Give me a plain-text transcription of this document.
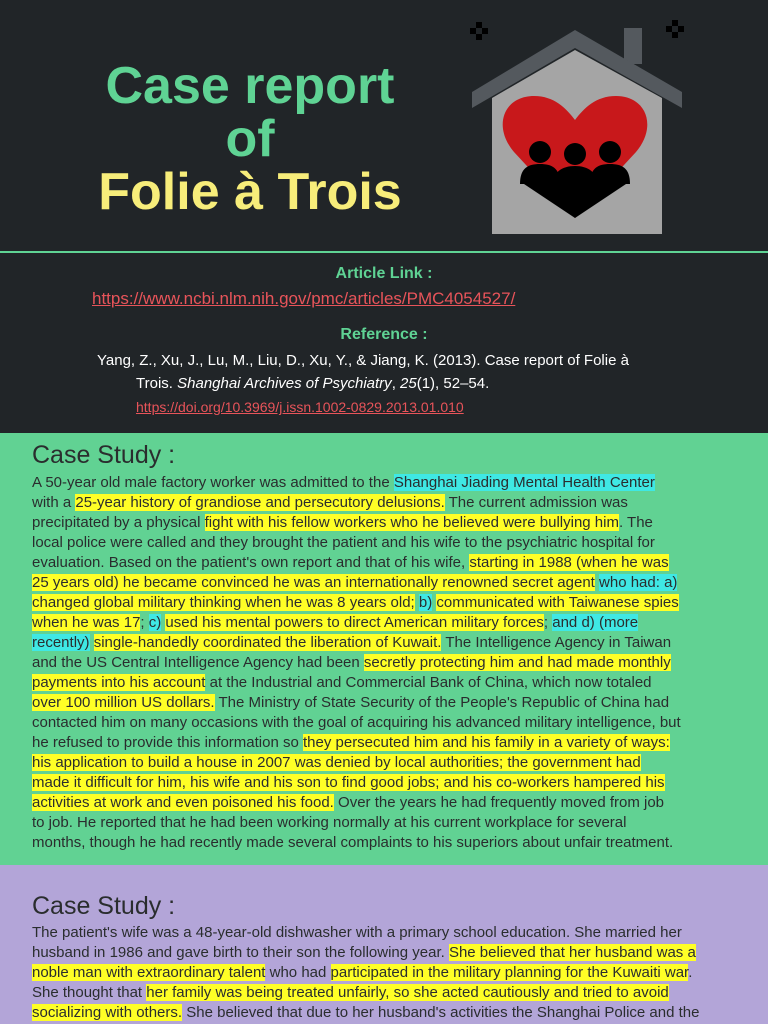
Case report
of
Folie à Trois
Article Link :
https://www.ncbi.nlm.nih.gov/pmc/articles/PMC4054527/
Reference :
Yang, Z., Xu, J., Lu, M., Liu, D., Xu, Y., & Jiang, K. (2013). Case report of Folie à
Trois. Shanghai Archives of Psychiatry, 25(1), 52–54.
https://doi.org/10.3969/j.issn.1002-0829.2013.01.010
Case Study :
A 50-year old male factory worker was admitted to the Shanghai Jiading Mental Health Center
with a 25-year history of grandiose and persecutory delusions. The current admission was
precipitated by a physical fight with his fellow workers who he believed were bullying him. The
local police were called and they brought the patient and his wife to the psychiatric hospital for
evaluation. Based on the patient's own report and that of his wife, starting in 1988 (when he was
25 years old) he became convinced he was an internationally renowned secret agent who had: a)
changed global military thinking when he was 8 years old; b) communicated with Taiwanese spies
when he was 17; c) used his mental powers to direct American military forces; and d) (more
recently) single-handedly coordinated the liberation of Kuwait. The Intelligence Agency in Taiwan
and the US Central Intelligence Agency had been secretly protecting him and had made monthly
payments into his account at the Industrial and Commercial Bank of China, which now totaled
over 100 million US dollars. The Ministry of State Security of the People's Republic of China had
contacted him on many occasions with the goal of acquiring his advanced military intelligence, but
he refused to provide this information so they persecuted him and his family in a variety of ways:
his application to build a house in 2007 was denied by local authorities; the government had
made it difficult for him, his wife and his son to find good jobs; and his co-workers hampered his
activities at work and even poisoned his food. Over the years he had frequently moved from job
to job. He reported that he had been working normally at his current workplace for several
months, though he had recently made several complaints to his superiors about unfair treatment.
Case Study :
The patient's wife was a 48-year-old dishwasher with a primary school education. She married her
husband in 1986 and gave birth to their son the following year. She believed that her husband was a
noble man with extraordinary talent who had participated in the military planning for the Kuwaiti war.
She thought that her family was being treated unfairly, so she acted cautiously and tried to avoid
socializing with others. She believed that due to her husband's activities the Shanghai Police and the
